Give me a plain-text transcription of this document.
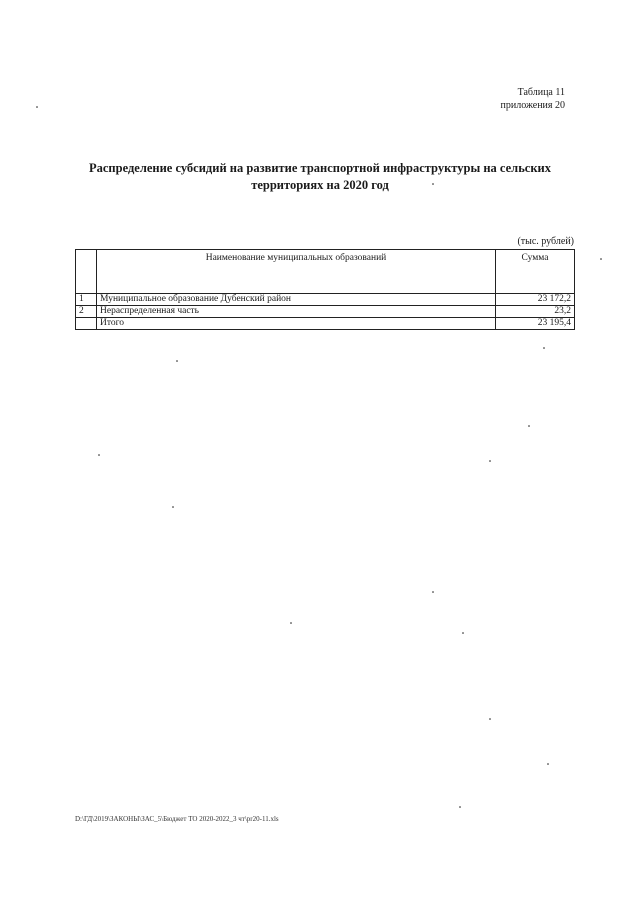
Таблица 11
приложения 20
Распределение субсидий на развитие транспортной инфраструктуры на сельских
территориях на 2020 год
(тыс. рублей)
	Наименование муниципальных образований	Сумма
1	Муниципальное образование Дубенский район	23 172,2
2	Нераспределенная часть	23,2
	Итого	23 195,4
D:\ГД\2019\ЗАКОНЫ\ЗАС_5\Бюджет ТО 2020-2022_3 чт\pr20-11.xls
